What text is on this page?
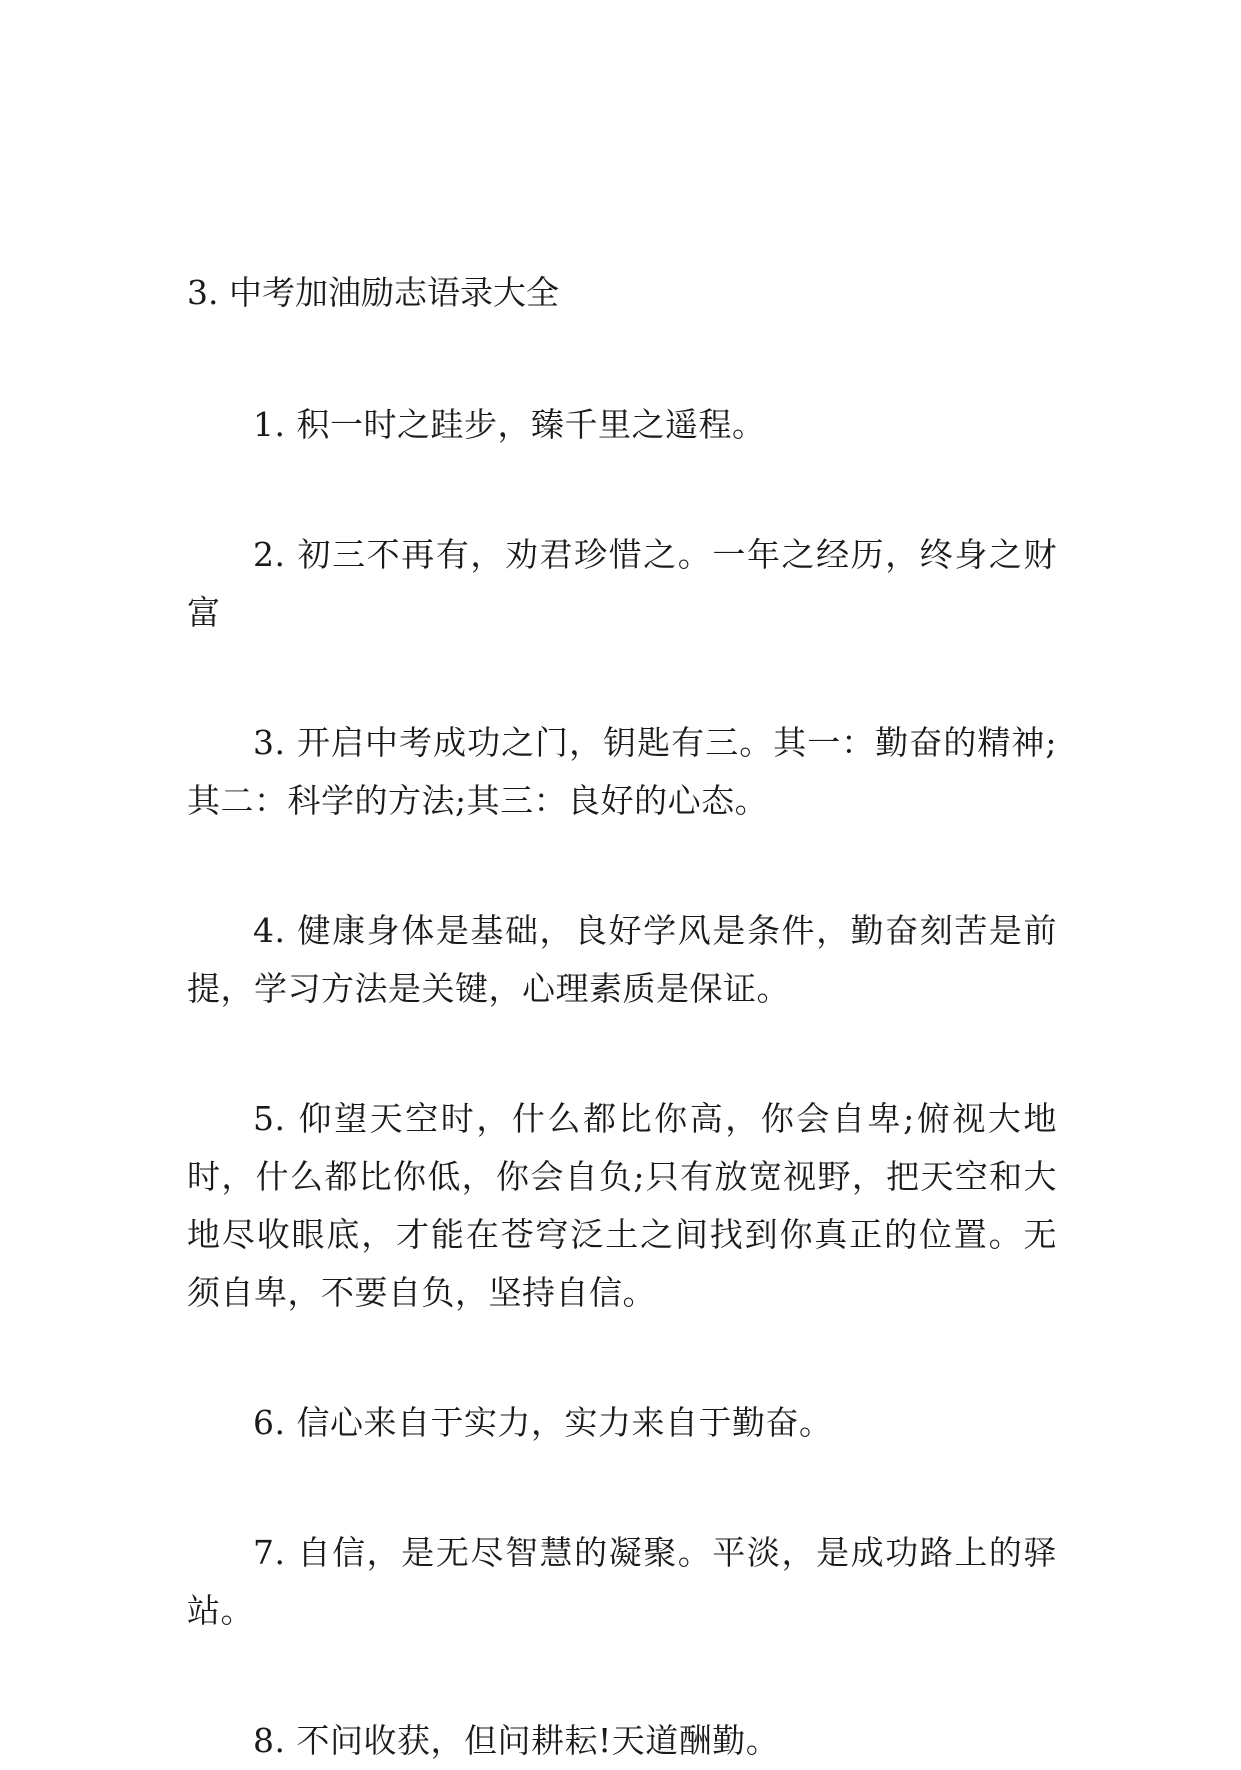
3. 中考加油励志语录大全

1. 积一时之跬步，臻千里之遥程。

2. 初三不再有，劝君珍惜之。一年之经历，终身之财富

3. 开启中考成功之门，钥匙有三。其一：勤奋的精神;其二：科学的方法;其三：良好的心态。

4. 健康身体是基础，良好学风是条件，勤奋刻苦是前提，学习方法是关键，心理素质是保证。

5. 仰望天空时，什么都比你高，你会自卑;俯视大地时，什么都比你低，你会自负;只有放宽视野，把天空和大地尽收眼底，才能在苍穹泛土之间找到你真正的位置。无须自卑，不要自负，坚持自信。

6. 信心来自于实力，实力来自于勤奋。

7. 自信，是无尽智慧的凝聚。平淡，是成功路上的驿站。

8. 不问收获，但问耕耘!天道酬勤。
